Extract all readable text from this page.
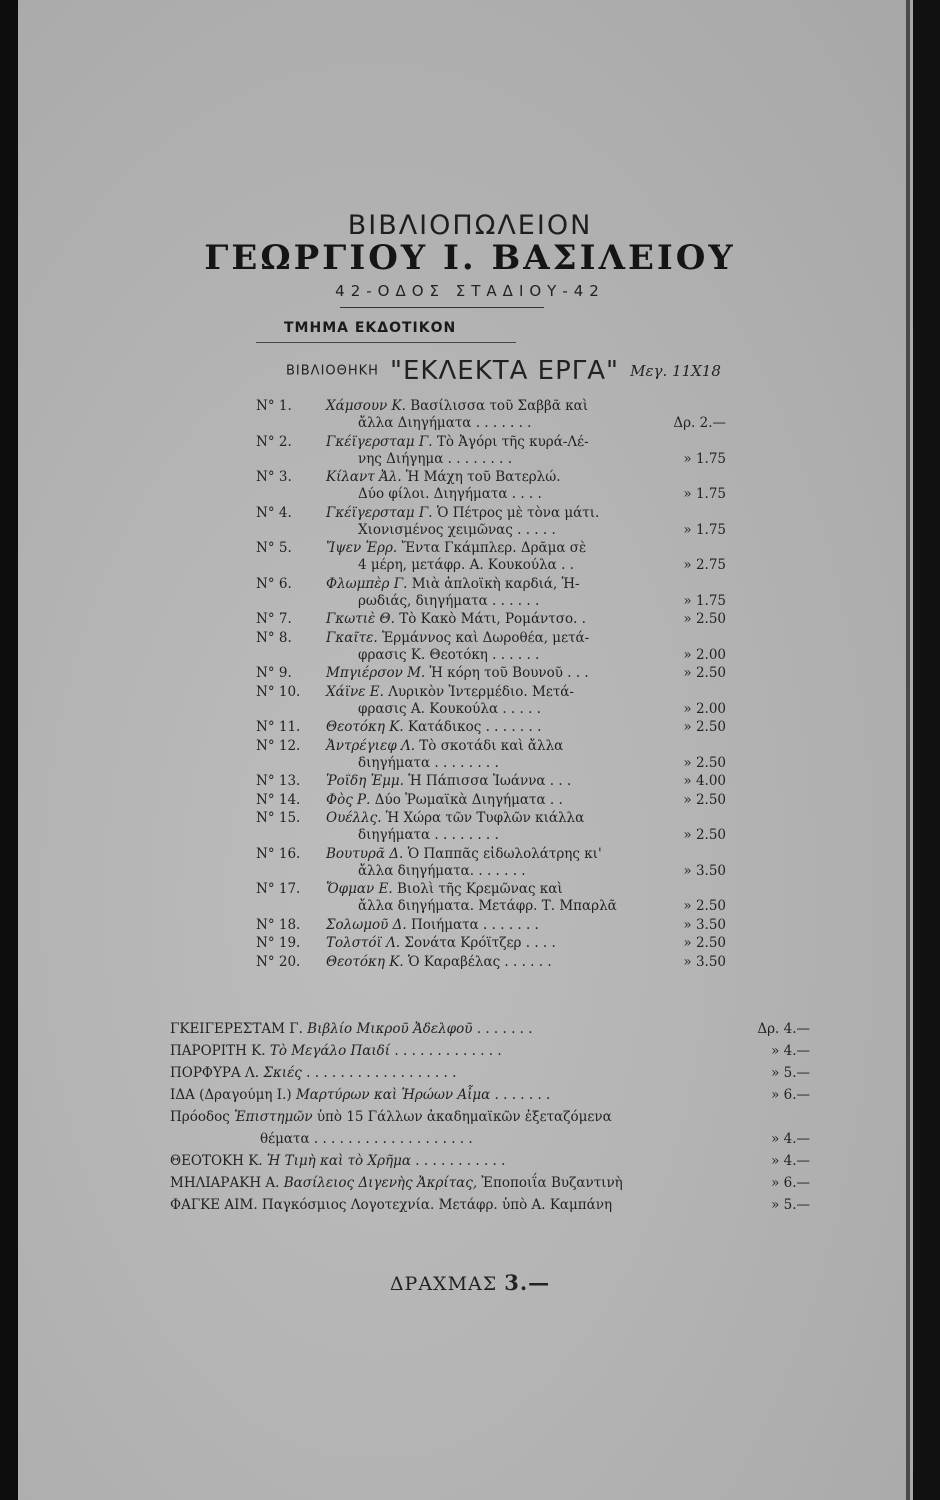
ΒΙΒΛΙΟΠΩΛΕΙΟΝ
ΓΕΩΡΓΙΟΥ Ι. ΒΑΣΙΛΕΙΟΥ
42-ΟΔΟΣ ΣΤΑΔΙΟΥ-42
ΤΜΗΜΑ ΕΚΔΟΤΙΚΟΝ
ΒΙΒΛΙΟΘΗΚΗ "ΕΚΛΕΚΤΑ ΕΡΓΑ" Μεγ. 11Χ18
N° 1.	Χάμσουν Κ. Βασίλισσα τοῦ Σαββᾶ καὶ
ἄλλα Διηγήματα . . . . . . .	Δρ. 2.—
N° 2.	Γκέϊγερσταμ Γ. Τὸ Ἀγόρι τῆς κυρά-Λέ-
νης Διήγημα . . . . . . . .	» 1.75
N° 3.	Κίλαντ Ἀλ. Ἡ Μάχη τοῦ Βατερλώ.
Δύο φίλοι. Διηγήματα . . . .	» 1.75
N° 4.	Γκέϊγερσταμ Γ. Ὁ Πέτρος μὲ τὸνα μάτι.
Χιονισμένος χειμῶνας . . . . .	» 1.75
N° 5.	Ἴψεν Ἐρρ. Ἔντα Γκάμπλερ. Δρᾶμα σὲ
4 μέρη, μετάφρ. Α. Κουκούλα . .	» 2.75
N° 6.	Φλωμπὲρ Γ. Μιὰ ἁπλοϊκὴ καρδιά, Ἡ-
ρωδιάς, διηγήματα . . . . . .	» 1.75
N° 7.	Γκωτιὲ Θ. Τὸ Κακὸ Μάτι, Ρομάντσο. .	» 2.50
N° 8.	Γκαῖτε. Ἑρμάννος καὶ Δωροθέα, μετά-
φρασις Κ. Θεοτόκη . . . . . .	» 2.00
N° 9.	Μπγιέρσον Μ. Ἡ κόρη τοῦ Βουνοῦ . . .	» 2.50
N° 10.	Χάϊνε Ε. Λυρικὸν Ἰντερμέδιο. Μετά-
φρασις Α. Κουκούλα . . . . .	» 2.00
N° 11.	Θεοτόκη Κ. Κατάδικος . . . . . . .	» 2.50
N° 12.	Ἀντρέγιεφ Λ. Τὸ σκοτάδι καὶ ἄλλα
διηγήματα . . . . . . . .	» 2.50
N° 13.	Ῥοΐδη Ἐμμ. Ἡ Πάπισσα Ἰωάννα . . .	» 4.00
N° 14.	Φὸς Ρ. Δύο Ῥωμαϊκὰ Διηγήματα . .	» 2.50
N° 15.	Ουέλλς. Ἡ Χώρα τῶν Τυφλῶν κιάλλα
διηγήματα . . . . . . . .	» 2.50
N° 16.	Βουτυρᾶ Δ. Ὁ Παππᾶς εἰδωλολάτρης κι'
ἄλλα διηγήματα. . . . . . .	» 3.50
N° 17.	Ὄφμαν Ε. Βιολὶ τῆς Κρεμῶνας καὶ
ἄλλα διηγήματα. Μετάφρ. Τ. Μπαρλᾶ	» 2.50
N° 18.	Σολωμοῦ Δ. Ποιήματα . . . . . . .	» 3.50
N° 19.	Τολστόϊ Λ. Σονάτα Κρόϊτζερ . . . .	» 2.50
N° 20.	Θεοτόκη Κ. Ὁ Καραβέλας . . . . . .	» 3.50
ΓΚΕΙΓΕΡΕΣΤΑΜ Γ. Βιβλίο Μικροῦ Ἀδελφοῦ . . . . . . .	Δρ. 4.—
ΠΑΡΟΡΙΤΗ Κ. Τὸ Μεγάλο Παιδί . . . . . . . . . . . . .	» 4.—
ΠΟΡΦΥΡΑ Λ. Σκιές . . . . . . . . . . . . . . . . . .	» 5.—
ΙΔΑ (Δραγούμη Ι.) Μαρτύρων καὶ Ἡρώων Αἷμα . . . . . . .	» 6.—
Πρόοδος Ἐπιστημῶν ὑπὸ 15 Γάλλων ἀκαδημαϊκῶν ἐξεταζόμενα
θέματα . . . . . . . . . . . . . . . . . . .	» 4.—
ΘΕΟΤΟΚΗ Κ. Ἡ Τιμὴ καὶ τὸ Χρῆμα . . . . . . . . . . .	» 4.—
ΜΗΛΙΑΡΑΚΗ Α. Βασίλειος Διγενὴς Ἀκρίτας, Ἐποποιΐα Βυζαντινὴ	» 6.—
ΦΑΓΚΕ ΑΙΜ. Παγκόσμιος Λογοτεχνία. Μετάφρ. ὑπὸ Α. Καμπάνη	» 5.—
ΔΡΑΧΜΑΣ 3.—
